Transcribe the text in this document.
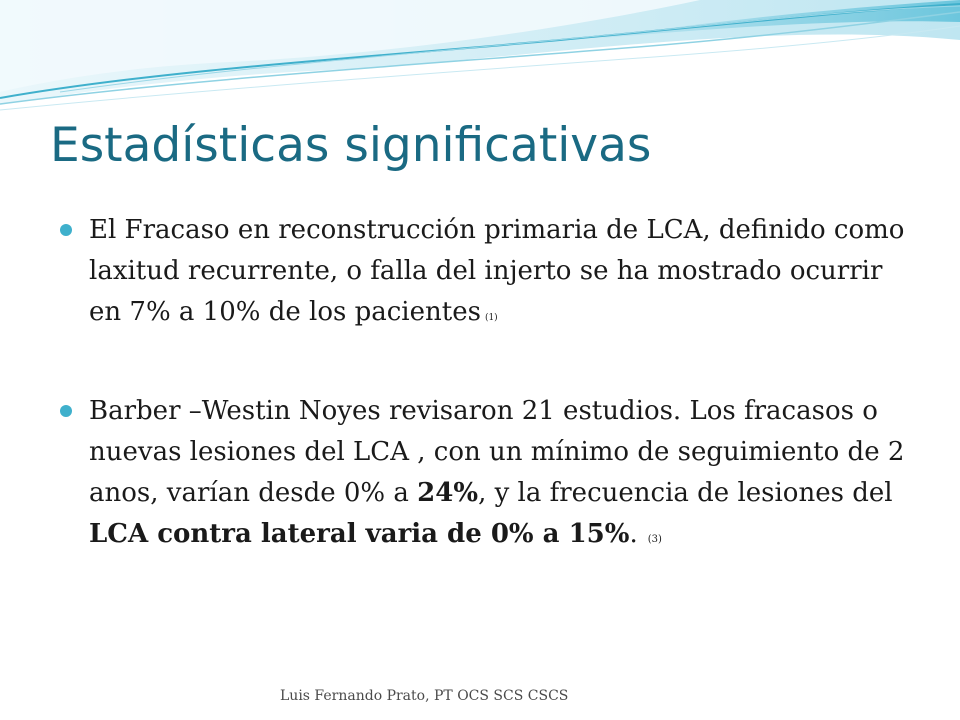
Estadísticas significativas
El Fracaso en reconstrucción primaria de LCA, definido como laxitud recurrente, o falla del injerto se ha mostrado ocurrir en 7% a 10% de los pacientes (1)
Barber –Westin Noyes revisaron 21 estudios. Los fracasos o nuevas lesiones del LCA , con un mínimo de seguimiento de 2 anos, varían desde 0% a 24%, y la frecuencia de lesiones del LCA contra lateral varia de 0% a 15%. (3)
Luis Fernando Prato, PT OCS SCS CSCS
